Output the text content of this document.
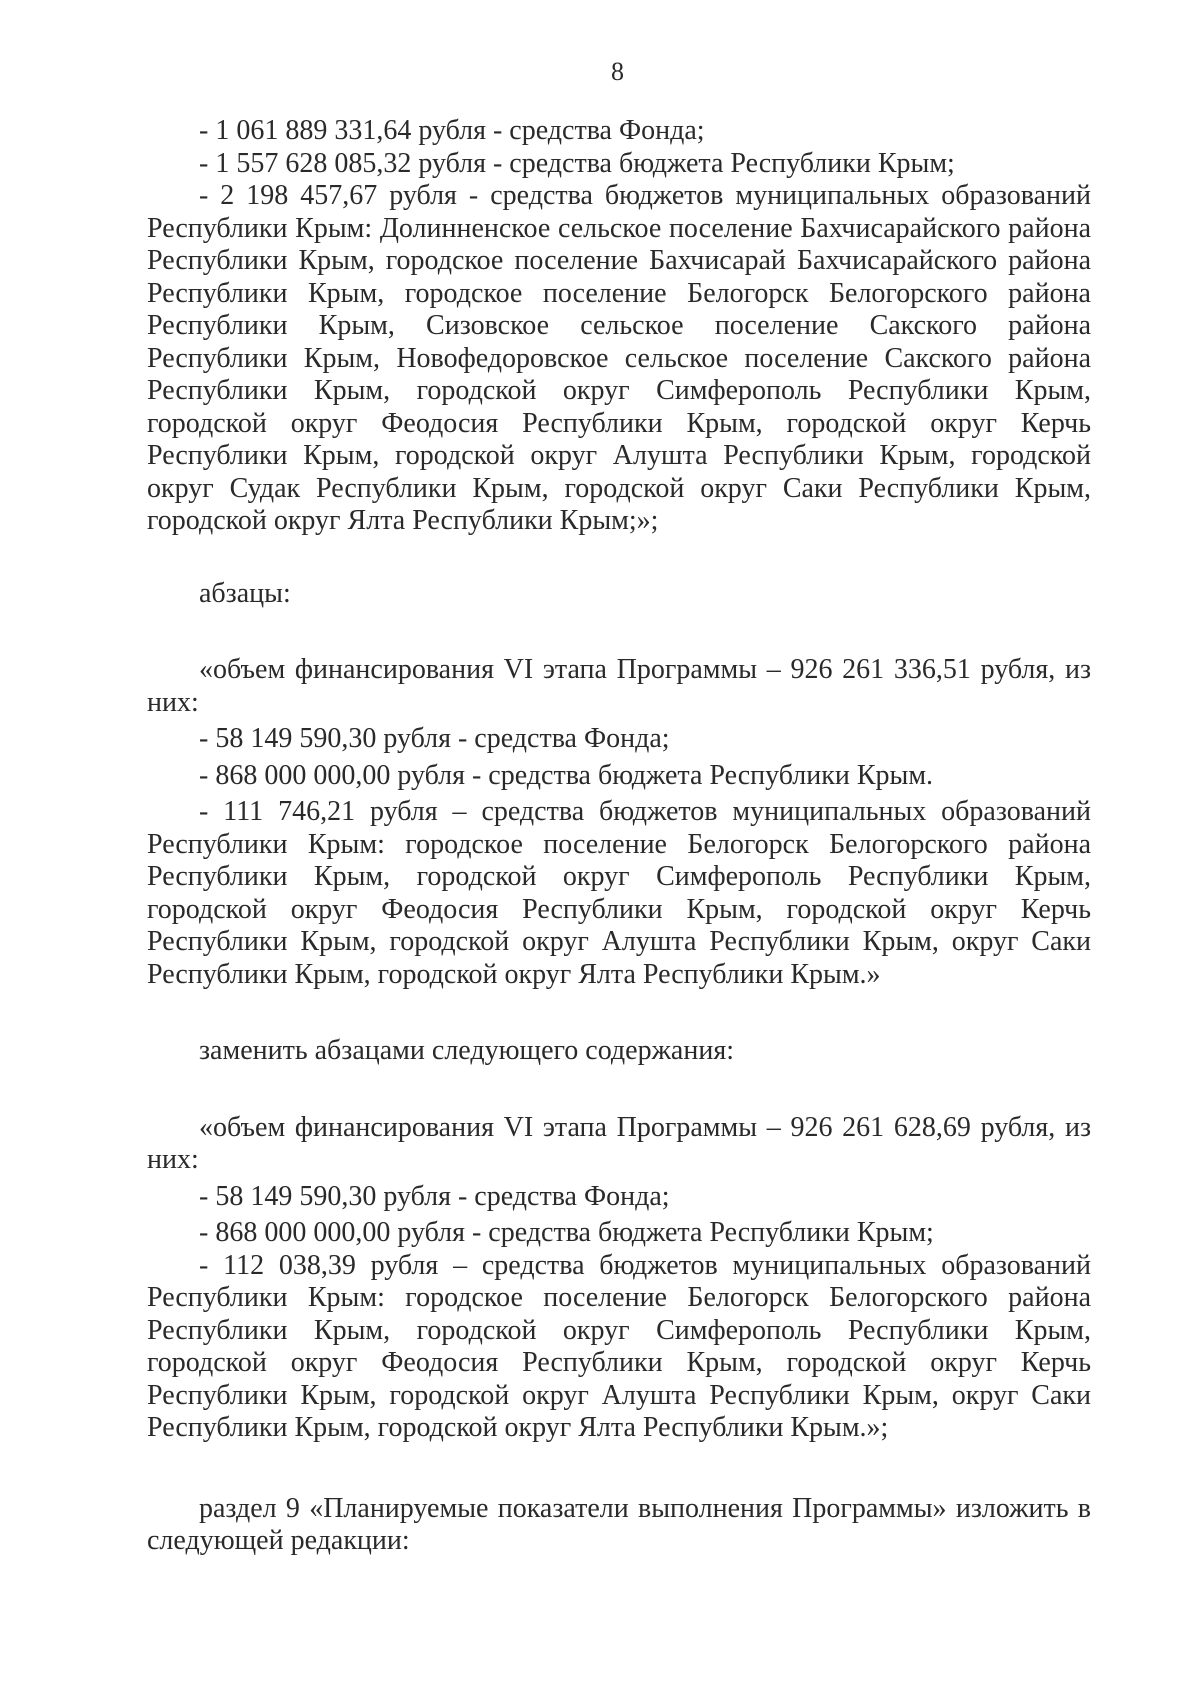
8

- 1 061 889 331,64 рубля - средства Фонда;

- 1 557 628 085,32 рубля - средства бюджета Республики Крым;

- 2 198 457,67 рубля - средства бюджетов муниципальных образований Республики Крым: Долинненское сельское поселение Бахчисарайского района Республики Крым, городское поселение Бахчисарай Бахчисарайского района Республики Крым, городское поселение Белогорск Белогорского района Республики Крым, Сизовское сельское поселение Сакского района Республики Крым, Новофедоровское сельское поселение Сакского района Республики Крым, городской округ Симферополь Республики Крым, городской округ Феодосия Республики Крым, городской округ Керчь Республики Крым, городской округ Алушта Республики Крым, городской округ Судак Республики Крым, городской округ Саки Республики Крым, городской округ Ялта Республики Крым;»;

абзацы:

«объем финансирования VI этапа Программы – 926 261 336,51 рубля, из них:

- 58 149 590,30 рубля - средства Фонда;

- 868 000 000,00 рубля - средства бюджета Республики Крым.

- 111 746,21 рубля – средства бюджетов муниципальных образований Республики Крым: городское поселение Белогорск Белогорского района Республики Крым, городской округ Симферополь Республики Крым, городской округ Феодосия Республики Крым, городской округ Керчь Республики Крым, городской округ Алушта Республики Крым, округ Саки Республики Крым, городской округ Ялта Республики Крым.»

заменить абзацами следующего содержания:

«объем финансирования VI этапа Программы – 926 261 628,69 рубля, из них:

- 58 149 590,30 рубля - средства Фонда;

- 868 000 000,00 рубля - средства бюджета Республики Крым;

- 112 038,39 рубля – средства бюджетов муниципальных образований Республики Крым: городское поселение Белогорск Белогорского района Республики Крым, городской округ Симферополь Республики Крым, городской округ Феодосия Республики Крым, городской округ Керчь Республики Крым, городской округ Алушта Республики Крым, округ Саки Республики Крым, городской округ Ялта Республики Крым.»;

раздел 9 «Планируемые показатели выполнения Программы» изложить в следующей редакции:
